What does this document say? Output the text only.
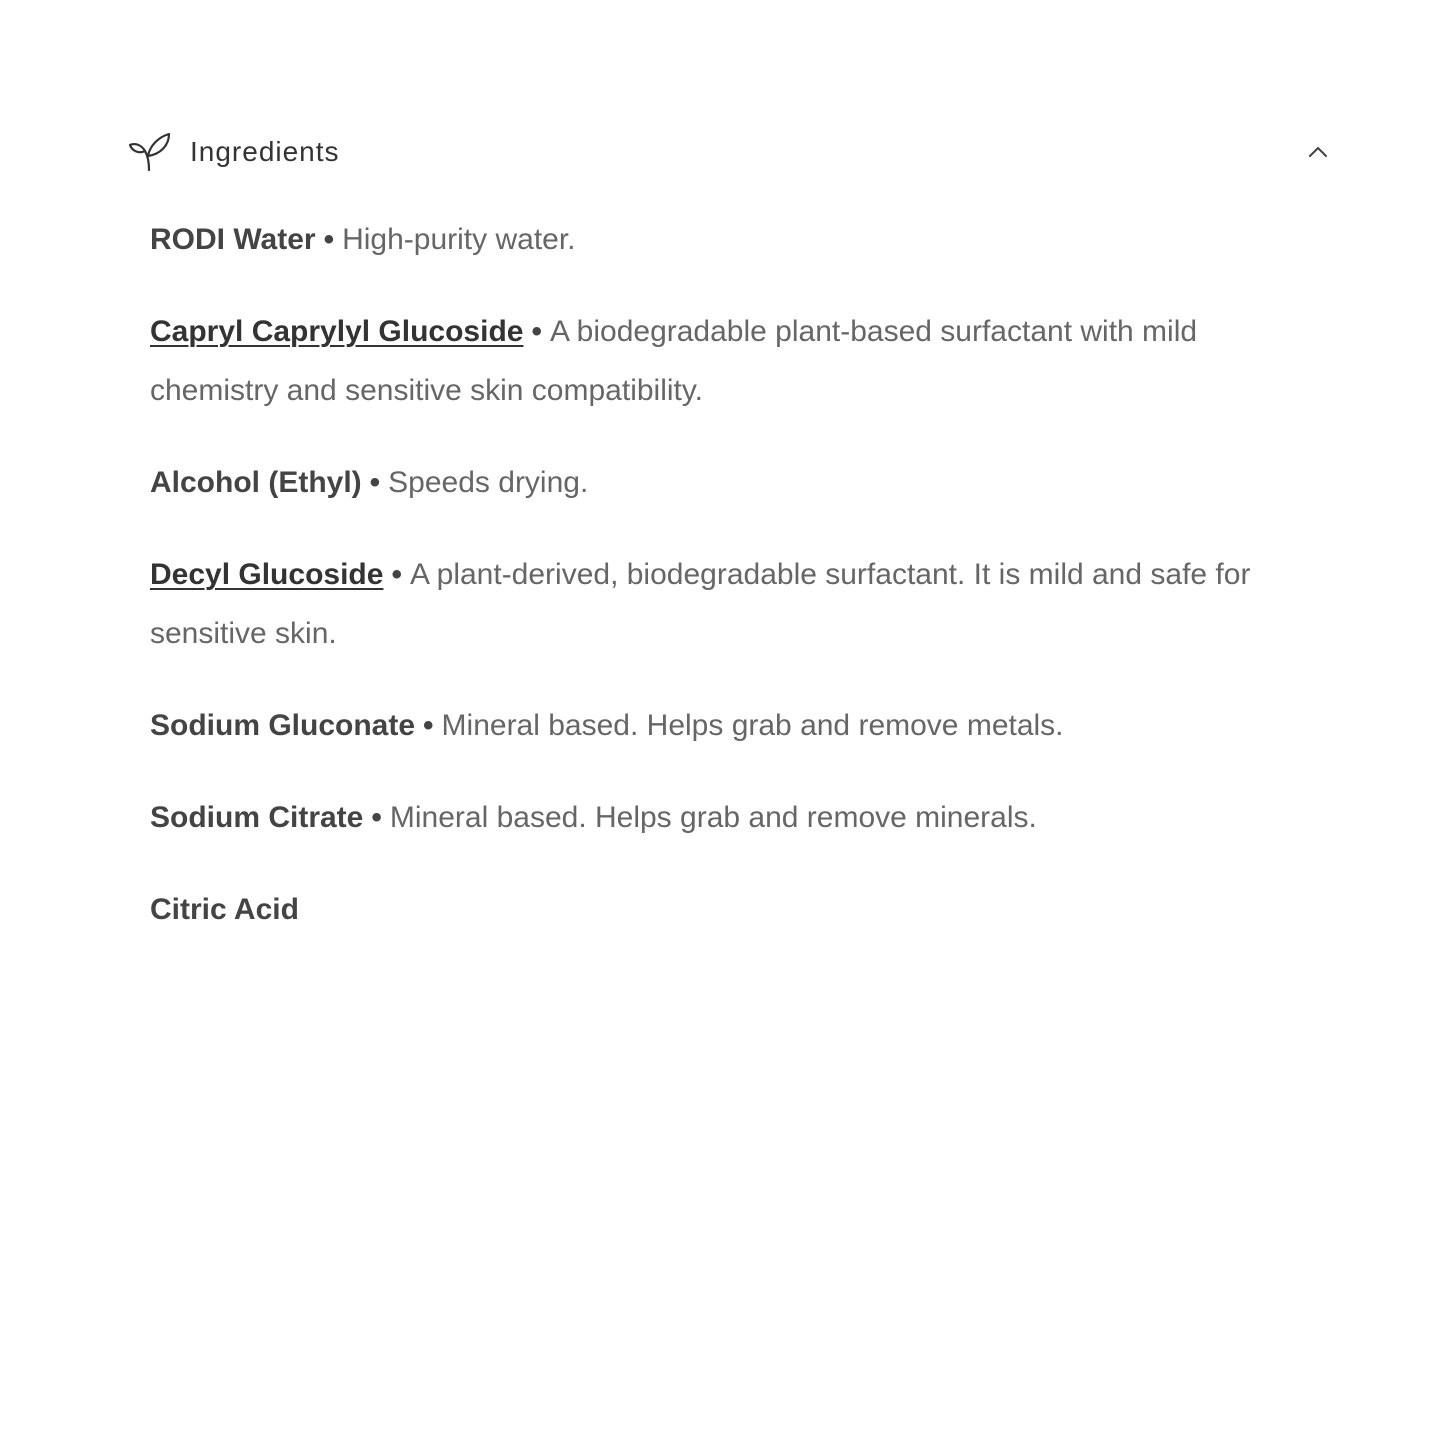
Ingredients

RODI Water • High-purity water.

Capryl Caprylyl Glucoside • A biodegradable plant-based surfactant with mild chemistry and sensitive skin compatibility.

Alcohol (Ethyl) • Speeds drying.

Decyl Glucoside • A plant-derived, biodegradable surfactant. It is mild and safe for sensitive skin.

Sodium Gluconate • Mineral based. Helps grab and remove metals.

Sodium Citrate • Mineral based. Helps grab and remove minerals.

Citric Acid
